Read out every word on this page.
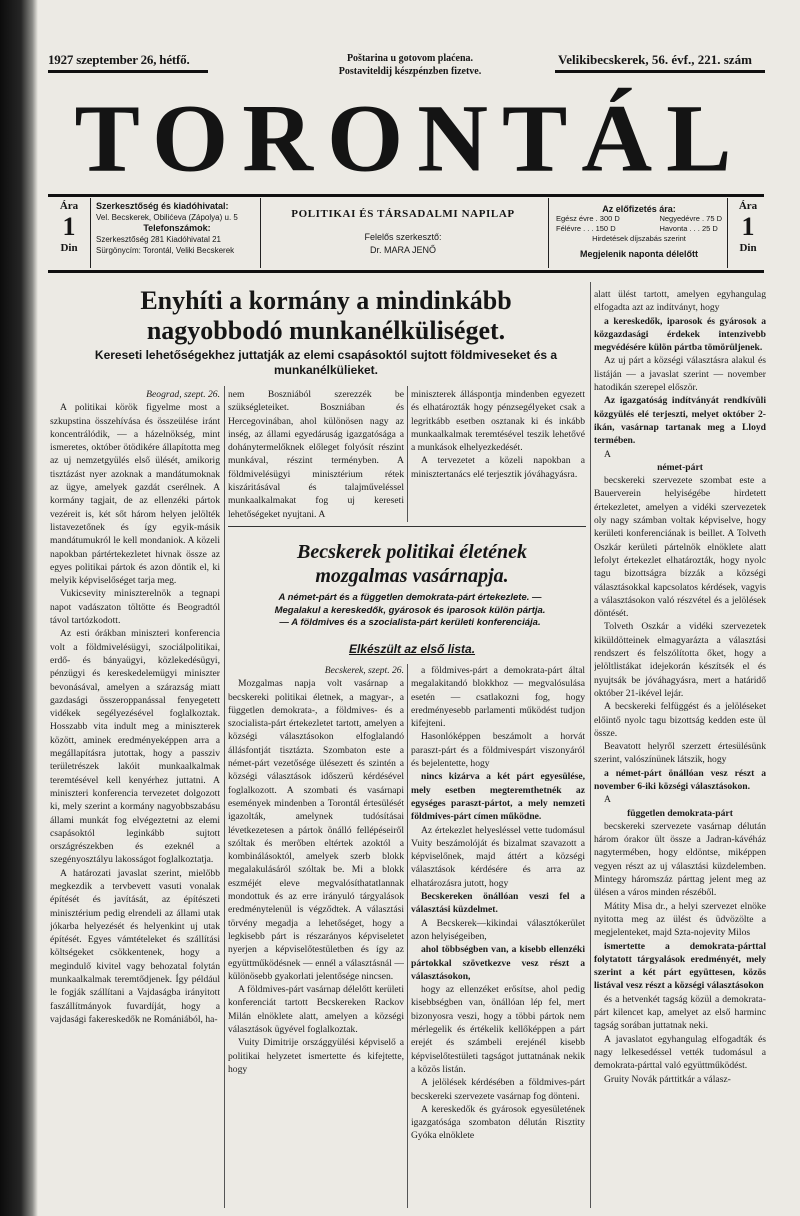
1927 szeptember 26, hétfő.	Poštarina u gotovom plaćena.
Postaviteldij készpénzben fizetve.
Velikibecskerek, 56. évf., 221. szám
TORONTÁL
Ára
1
Din
Szerkesztőség és kiadóhivatal:
Vel. Becskerek, Obilićeva (Zápolya) u. 5
Telefonszámok:
Szerkesztőség 281 Kiadóhivatal 21
Sürgönycím: Torontál, Veliki Becskerek
POLITIKAI ÉS TÁRSADALMI NAPILAP
Felelős szerkesztő:
Dr. MARA JENŐ
Az előfizetés ára:
Egész évre . 300 D
Félévre . . . 150 D
Negyedévre . 75 D
Havonta . . . 25 D
Hirdetések díjszabás szerint
Megjelenik naponta délelőtt
Ára
1
Din
Enyhíti a kormány a mindinkább
nagyobbodó munkanélküliséget.
Kereseti lehetőségekhez juttatják az elemi csapásoktól sujtott földmiveseket és a munkanélkülieket.
Beograd, szept. 26.

A politikai körök figyelme most a szkupstina összehívása és összeülése iránt koncentrálódik, — a házelnökség, mint ismeretes, október ötödikére állapította meg az uj nemzetgyülés első ülését, amikorig tisztázást nyer azoknak a mandátumoknak az ügye, amelyek gazdát cserélnek. A kormány tagjait, de az ellenzéki pártok vezéreit is, két sőt három helyen jelölték listavezetőnek és így egyik-másik mandátumukról le kell mondaniok. A közeli napokban pártértekezletet hivnak össze az egyes politikai pártok és azon döntik el, ki melyik képviselőséget tarja meg.

Vukicsevity miniszterelnök a tegnapi napot vadászaton töltötte és Beogradtól távol tartózkodott.

Az esti órákban miniszteri konferencia volt a földmivelésügyi, szociálpolitikai, erdő- és bányaügyi, közlekedésügyi, pénzügyi és kereskedelemügyi miniszter bevonásával, amelyen a szárazság miatt gazdasági összeroppanással fenyegetett vidékek segélyezésével foglalkoztak. Hosszabb vita indult meg a miniszterek között, aminek eredményeképpen arra a megállapításra jutottak, hogy a passziv területrészek lakóit munkaalkalmak teremtésével kell kenyérhez juttatni. A miniszteri konferencia tervezetet dolgozott ki, mely szerint a kormány nagyobbszabásu állami munkát fog elvégeztetni az elemi csapásoktól leginkább sujtott országrészekben és ezeknél a szegényosztályu lakosságot foglalkoztatja.

A határozati javaslat szerint, mielőbb megkezdik a tervbevett vasuti vonalak építését és javítását, az építészeti minisztérium pedig elrendeli az állami utak jókarba helyezését és helyenkint uj utak építését. Egyes vámtételeket és szállítási költségeket csökkentenek, hogy a megindulő kivitel vagy behozatal folytán munkaalkalmak teremtődjenek. Így például le fogják szállítani a Vajdaságba irányitott faszállítmányok fuvardíját, hogy a vajdasági fakereskedők ne Romániából, ha-

nem Boszniából szerezzék be szükségleteiket. Boszniában és Hercegovinában, ahol különösen nagy az inség, az állami egyedáruság igazgatósága a dohánytermelőknek előleget folyósít részint munkával, részint terményben. A földmivelésügyi minisztérium rétek kiszáritásával és talajműveléssel munkaalkalmakat fog uj kereseti lehetőségeket nyujtani. A

miniszterek álláspontja mindenben egyezett és elhatározták hogy pénzsegélyeket csak a legritkább esetben osztanak ki és inkább munkaalkalmak teremtésével teszik lehetővé a munkások elhelyezkedését.

A tervezetet a közeli napokban a minisztertanács elé terjesztik jóváhagyásra.

Becskerek politikai életének
mozgalmas vasárnapja.
A német-párt és a független demokrata-párt értekezlete. —
Megalakul a kereskedők, gyárosok és iparosok külön pártja.
— A földmives és a szocialista-párt kerületi konferenciája.
Elkészült az első lista.
Becskerek, szept. 26.

Mozgalmas napja volt vasárnap a becskereki politikai életnek, a magyar-, a független demokrata-, a földmives- és a szocialista-párt értekezletet tartott, amelyen a községi választásokon elfoglalandó állásfontját tisztázta. Szombaton este a német-párt vezetősége ülésezett és szintén a községi választások időszerü kérdésével foglalkozott. A szombati és vasárnapi események mindenben a Torontál értesülését igazolták, amelynek tudósításai lévetkezetesen a pártok önálló fellépéseiről szóltak és merőben eltértek azoktól a kombinálásoktól, amelyek szerb blokk megalakulásáról szóltak be. Mi a blokk eszméjét eleve megvalósíthatatlannak mondottuk és az erre irányuló tárgyalások eredménytelenül is végződtek. A választási törvény megadja a lehetőséget, hogy a legkisebb párt is részarányos képviseletet nyerjen a képviselőtestületben és így az együttműködésnek — ennél a választásnál — különösebb gyakorlati jelentősége nincsen.

A földmives-párt vasárnap délelőtt kerületi konferenciát tartott Becskereken Rackov Milán elnöklete alatt, amelyen a községi választások ügyével foglalkoztak.

Vuity Dimitrije országgyülési képviselő a politikai helyzetet ismertette és kifejtette, hogy

a földmives-párt a demokrata-párt által megalakitandó blokkhoz — megvalósulása esetén — csatlakozni fog, hogy eredményesebb parlamenti működést tudjon kifejteni.

Hasonlóképpen beszámolt a horvát paraszt-párt és a földmivespárt viszonyáról és bejelentette, hogy

nincs kizárva a két párt egyesülése, mely esetben megteremthetnék az egységes paraszt-pártot, a mely nemzeti földmives-párt címen működne.

Az értekezlet helyesléssel vette tudomásul Vuity beszámolóját és bizalmat szavazott a képviselőnek, majd áttért a községi választások kérdésére és arra az elhatározásra jutott, hogy

Becskereken önállóan veszi fel a választási küzdelmet.

A Becskerek—kikindai választókerület azon helyiségeiben,

ahol többségben van, a kisebb ellenzéki pártokkal szövetkezve vesz részt a választásokon,

hogy az ellenzéket erősítse, ahol pedig kisebbségben van, önállóan lép fel, mert bizonyosra veszi, hogy a többi pártok nem mérlegelik és értékelik kellőképpen a párt erejét és számbeli erejénél kisebb képviselőtestületi tagságot juttatnának nekik a közös listán.

A jelölések kérdésében a földmives-párt becskereki szervezete vasárnap fog dönteni.

A kereskedők és gyárosok egyesületének igazgatósága szombaton délután Risztity Gyóka elnöklete

alatt ülést tartott, amelyen egyhangulag elfogadta azt az indítványt, hogy

a kereskedők, iparosok és gyárosok a közgazdasági érdekek intenzivebb megvédésére külön pártba tömörüljenek.

Az uj párt a községi választásra alakul és listáján — a javaslat szerint — november hatodikán szerepel először.

Az igazgatóság indítványát rendkívüli közgyülés elé terjeszti, melyet október 2-ikán, vasárnap tartanak meg a Lloyd termében.

A

német-párt

becskereki szervezete szombat este a Bauerverein helyiségébe hirdetett értekezletet, amelyen a vidéki szervezetek oly nagy számban voltak képviselve, hogy kerületi konferenciának is beillet. A Tolveth Oszkár kerületi pártelnök elnöklete alatt lefolyt értekezlet elhatározták, hogy nyolc tagu bizottságra bízzák a községi választásokkal kapcsolatos kérdések, vagyis a választásokon való részvétel és a jelölések döntését.

Tolveth Oszkár a vidéki szervezetek kiküldötteinek elmagyarázta a választási rendszert és felszólította őket, hogy a jelöltlistákat idejekorán készítsék el és nyujtsák be jóváhagyásra, mert a határidő október 21-ikével lejár.

A becskereki felfüggést és a jelöléseket előintő nyolc tagu bizottság kedden este ül össze.

Beavatott helyről szerzett értesülésünk szerint, valószínünek látszik, hogy

a német-párt önállóan vesz részt a november 6-iki községi választásokon.

A

független demokrata-párt

becskereki szervezete vasárnap délután három órakor ült össze a Jadran-kávéház nagytermében, hogy eldöntse, miképpen vegyen részt az uj választási küzdelemben. Mintegy háromszáz párttag jelent meg az ülésen a város minden részéből.

Mátity Misa dr., a helyi szervezet elnöke nyitotta meg az ülést és üdvözölte a megjelenteket, majd Szta-nojevity Milos

ismertette a demokrata-párttal folytatott tárgyalások eredményét, mely szerint a két párt együttesen, közös listával vesz részt a községi választásokon

és a hetvenkét tagság közül a demokrata-párt kilencet kap, amelyet az első harminc tagság sorában juttatnak neki.

A javaslatot egyhangulag elfogadták és nagy lelkesedéssel vették tudomásul a demokrata-párttal való együttműködést.

Gruity Novák párttitkár a válasz-
